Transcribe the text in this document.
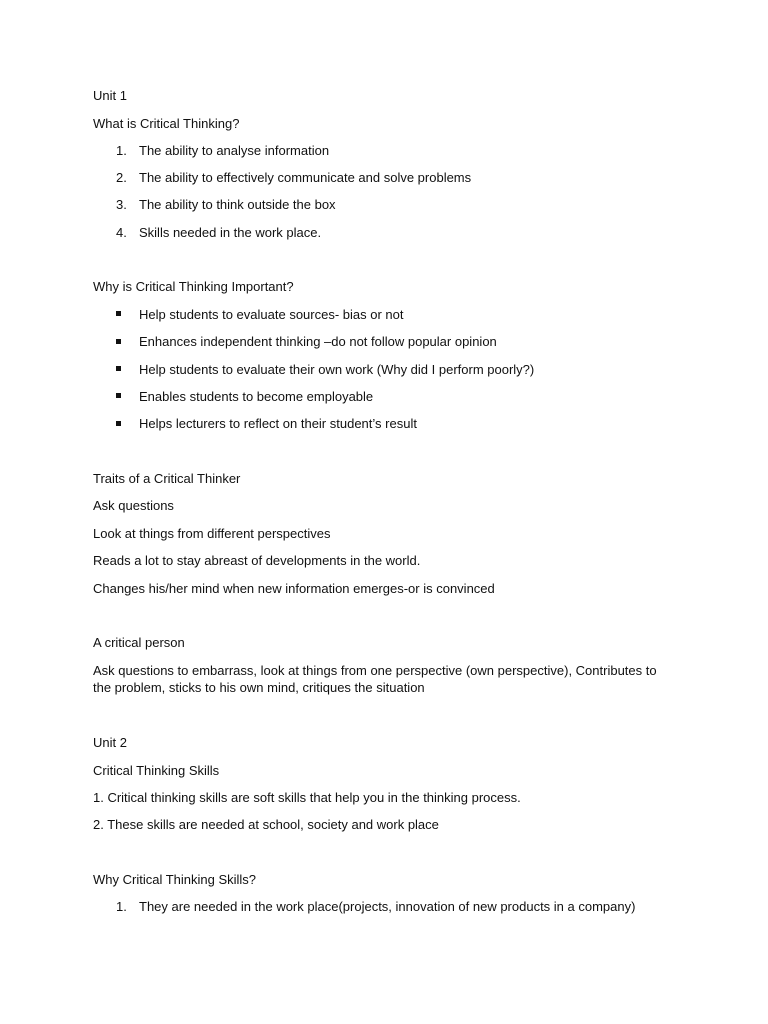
Unit 1
What is Critical Thinking?
1. The ability to analyse information
2. The ability to effectively communicate and solve problems
3. The ability to think outside the box
4. Skills needed in the work place.
Why is Critical Thinking Important?
Help students to evaluate sources- bias or not
Enhances independent thinking –do not follow popular opinion
Help students to evaluate their own work (Why did I perform poorly?)
Enables students to become employable
Helps lecturers to reflect on their student’s result
Traits of a Critical Thinker
Ask questions
Look at things from different perspectives
Reads a lot to stay abreast of developments in the world.
Changes his/her mind when new information emerges-or is convinced
A critical person
Ask questions to embarrass, look at things from one perspective (own perspective), Contributes to the problem, sticks to his own mind, critiques the situation
Unit 2
Critical Thinking Skills
1. Critical thinking skills are soft skills that help you in the thinking process.
2. These skills are needed at school, society and work place
Why Critical Thinking Skills?
1. They are needed in the work place(projects, innovation of new products in a company)
